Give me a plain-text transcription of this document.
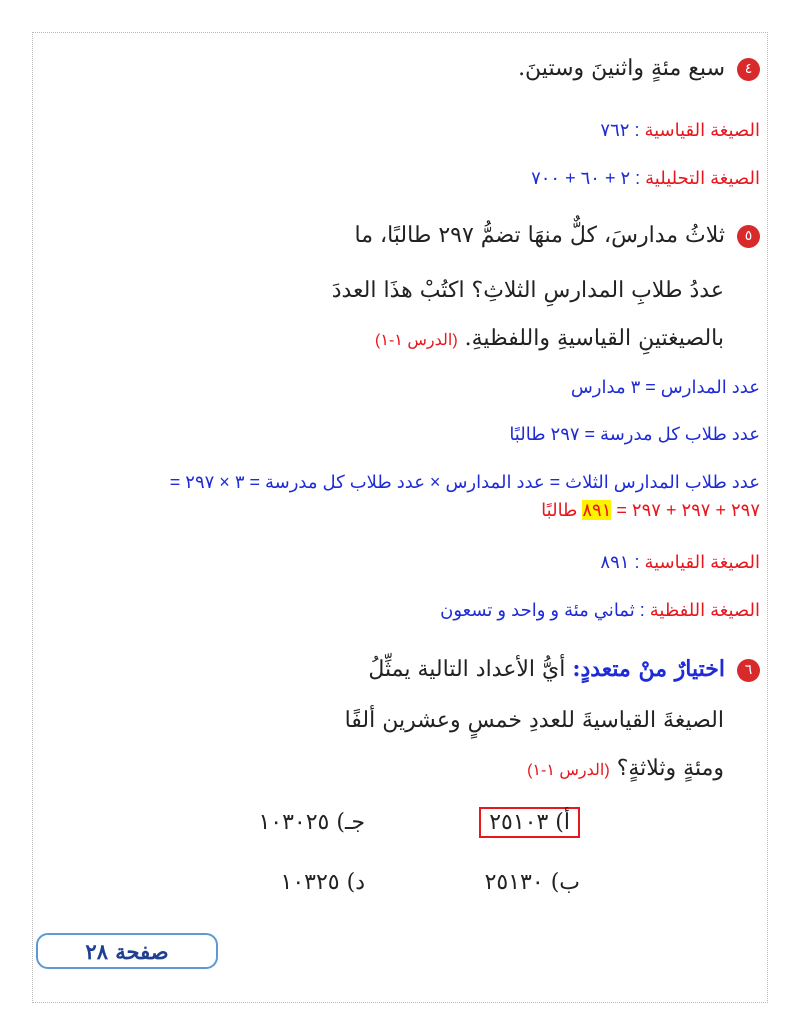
٤سبع مئةٍ واثنينَ وستينَ.
الصيغة القياسية : ٧٦٢
الصيغة التحليلية : ٢ + ٦٠ + ٧٠٠
٥ثلاثُ مدارسَ، كلٌّ منهَا تضمُّ ٢٩٧ طالبًا، ما
عددُ طلابِ المدارسِ الثلاثِ؟ اكتُبْ هذَا العددَ
بالصيغتينِ القياسيةِ واللفظيةِ. (الدرس ١-١)
عدد المدارس = ٣ مدارس
عدد طلاب كل مدرسة = ٢٩٧ طالبًا
عدد طلاب المدارس الثلاث = عدد المدارس × عدد طلاب كل مدرسة = ٣ × ٢٩٧ =
٢٩٧ + ٢٩٧ + ٢٩٧ = ٨٩١ طالبًا
الصيغة القياسية : ٨٩١
الصيغة اللفظية : ثماني مئة و واحد و تسعون
٦اختيارٌ منْ متعددٍ: أيُّ الأعداد التالية يمثِّلُ
الصيغةَ القياسيةَ للعددِ خمسٍ وعشرين ألفًا
ومئةٍ وثلاثةٍ؟ (الدرس ١-١)
أ) ٢٥١٠٣
جـ) ١٠٣٠٢٥
ب) ٢٥١٣٠
د) ١٠٣٢٥
صفحة ٢٨
